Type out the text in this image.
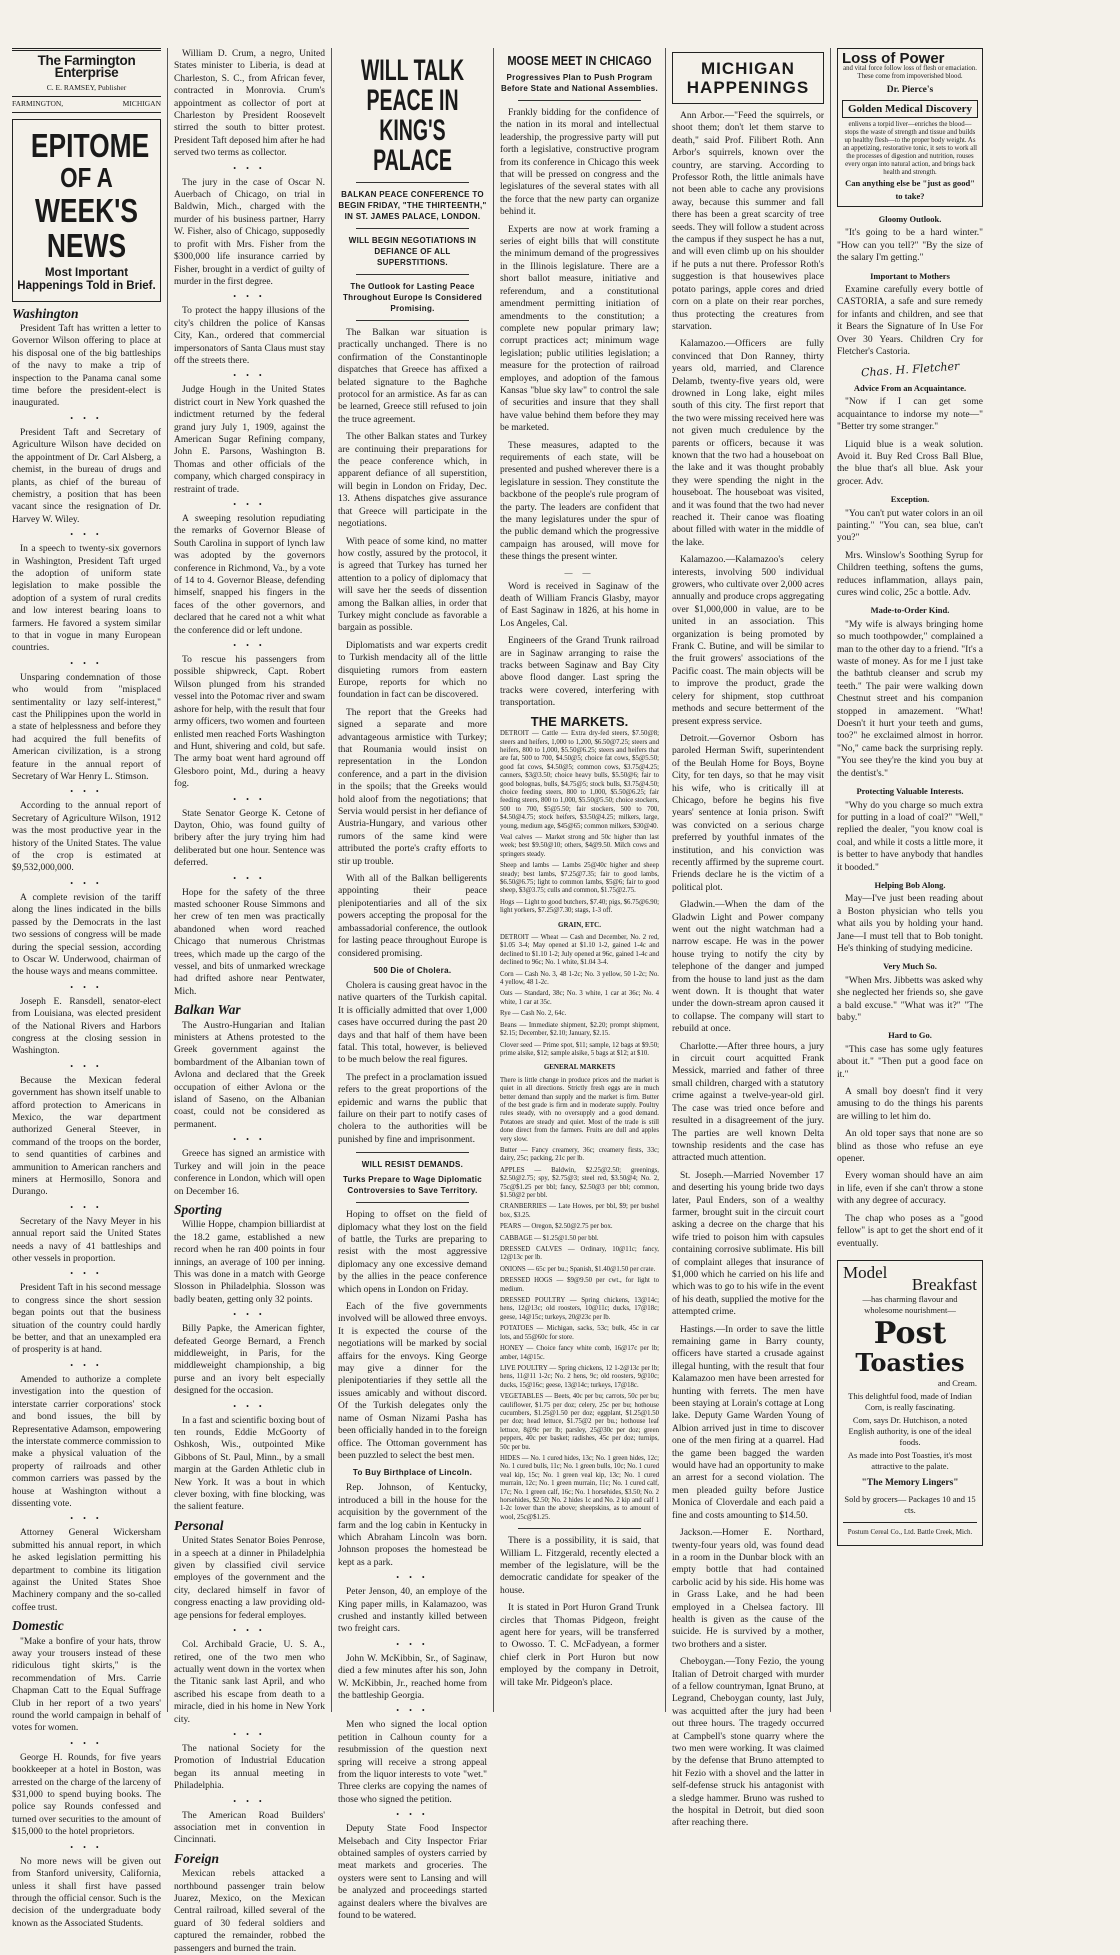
The Farmington Enterprise
C. E. RAMSEY, Publisher
FARMINGTON,	MICHIGAN
EPITOME
OF A
WEEK'S NEWS
Most Important Happenings Told in Brief.
Washington

President Taft has written a letter to Governor Wilson offering to place at his disposal one of the big battleships of the navy to make a trip of inspection to the Panama canal some time before the president-elect is inaugurated.

• • •

President Taft and Secretary of Agriculture Wilson have decided on the appointment of Dr. Carl Alsberg, a chemist, in the bureau of drugs and plants, as chief of the bureau of chemistry, a position that has been vacant since the resignation of Dr. Harvey W. Wiley.

• • •

In a speech to twenty-six governors in Washington, President Taft urged the adoption of uniform state legislation to make possible the adoption of a system of rural credits and low interest bearing loans to farmers. He favored a system similar to that in vogue in many European countries.

• • •

Unsparing condemnation of those who would from "misplaced sentimentality or lazy self-interest," cast the Philippines upon the world in a state of helplessness and before they had acquired the full benefits of American civilization, is a strong feature in the annual report of Secretary of War Henry L. Stimson.

• • •

According to the annual report of Secretary of Agriculture Wilson, 1912 was the most productive year in the history of the United States. The value of the crop is estimated at $9,532,000,000.

• • •

A complete revision of the tariff along the lines indicated in the bills passed by the Democrats in the last two sessions of congress will be made during the special session, according to Oscar W. Underwood, chairman of the house ways and means committee.

• • •

Joseph E. Ransdell, senator-elect from Louisiana, was elected president of the National Rivers and Harbors congress at the closing session in Washington.

• • •

Because the Mexican federal government has shown itself unable to afford protection to Americans in Mexico, the war department authorized General Steever, in command of the troops on the border, to send quantities of carbines and ammunition to American ranchers and miners at Hermosillo, Sonora and Durango.

• • •

Secretary of the Navy Meyer in his annual report said the United States needs a navy of 41 battleships and other vessels in proportion.

• • •

President Taft in his second message to congress since the short session began points out that the business situation of the country could hardly be better, and that an unexampled era of prosperity is at hand.

• • •

Amended to authorize a complete investigation into the question of interstate carrier corporations' stock and bond issues, the bill by Representative Adamson, empowering the interstate commerce commission to make a physical valuation of the property of railroads and other common carriers was passed by the house at Washington without a dissenting vote.

• • •

Attorney General Wickersham submitted his annual report, in which he asked legislation permitting his department to combine its litigation against the United States Shoe Machinery company and the so-called coffee trust.

Domestic

"Make a bonfire of your hats, throw away your trousers instead of these ridiculous tight skirts," is the recommendation of Mrs. Carrie Chapman Catt to the Equal Suffrage Club in her report of a two years' round the world campaign in behalf of votes for women.

• • •

George H. Rounds, for five years bookkeeper at a hotel in Boston, was arrested on the charge of the larceny of $31,000 to spend buying books. The police say Rounds confessed and turned over securities to the amount of $15,000 to the hotel proprietors.

• • •

No more news will be given out from Stanford university, California, unless it shall first have passed through the official censor. Such is the decision of the undergraduate body known as the Associated Students.

William D. Crum, a negro, United States minister to Liberia, is dead at Charleston, S. C., from African fever, contracted in Monrovia. Crum's appointment as collector of port at Charleston by President Roosevelt stirred the south to bitter protest. President Taft deposed him after he had served two terms as collector.

• • •

The jury in the case of Oscar N. Auerbach of Chicago, on trial in Baldwin, Mich., charged with the murder of his business partner, Harry W. Fisher, also of Chicago, supposedly to profit with Mrs. Fisher from the $300,000 life insurance carried by Fisher, brought in a verdict of guilty of murder in the first degree.

• • •

To protect the happy illusions of the city's children the police of Kansas City, Kan., ordered that commercial impersonators of Santa Claus must stay off the streets there.

• • •

Judge Hough in the United States district court in New York quashed the indictment returned by the federal grand jury July 1, 1909, against the American Sugar Refining company, John E. Parsons, Washington B. Thomas and other officials of the company, which charged conspiracy in restraint of trade.

• • •

A sweeping resolution repudiating the remarks of Governor Blease of South Carolina in support of lynch law was adopted by the governors conference in Richmond, Va., by a vote of 14 to 4. Governor Blease, defending himself, snapped his fingers in the faces of the other governors, and declared that he cared not a whit what the conference did or left undone.

• • •

To rescue his passengers from possible shipwreck, Capt. Robert Wilson plunged from his stranded vessel into the Potomac river and swam ashore for help, with the result that four army officers, two women and fourteen enlisted men reached Forts Washington and Hunt, shivering and cold, but safe. The army boat went hard aground off Glesboro point, Md., during a heavy fog.

• • •

State Senator George K. Cetone of Dayton, Ohio, was found guilty of bribery after the jury trying him had deliberated but one hour. Sentence was deferred.

• • •

Hope for the safety of the three masted schooner Rouse Simmons and her crew of ten men was practically abandoned when word reached Chicago that numerous Christmas trees, which made up the cargo of the vessel, and bits of unmarked wreckage had drifted ashore near Pentwater, Mich.

Balkan War

The Austro-Hungarian and Italian ministers at Athens protested to the Greek government against the bombardment of the Albanian town of Avlona and declared that the Greek occupation of either Avlona or the island of Saseno, on the Albanian coast, could not be considered as permanent.

• • •

Greece has signed an armistice with Turkey and will join in the peace conference in London, which will open on December 16.

Sporting

Willie Hoppe, champion billiardist at the 18.2 game, established a new record when he ran 400 points in four innings, an average of 100 per inning. This was done in a match with George Slosson in Philadelphia. Slosson was badly beaten, getting only 32 points.

• • •

Billy Papke, the American fighter, defeated George Bernard, a French middleweight, in Paris, for the middleweight championship, a big purse and an ivory belt especially designed for the occasion.

• • •

In a fast and scientific boxing bout of ten rounds, Eddie McGoorty of Oshkosh, Wis., outpointed Mike Gibbons of St. Paul, Minn., by a small margin at the Garden Athletic club in New York. It was a bout in which clever boxing, with fine blocking, was the salient feature.

Personal

United States Senator Boies Penrose, in a speech at a dinner in Philadelphia given by classified civil service employes of the government and the city, declared himself in favor of congress enacting a law providing old-age pensions for federal employes.

• • •

Col. Archibald Gracie, U. S. A., retired, one of the two men who actually went down in the vortex when the Titanic sank last April, and who ascribed his escape from death to a miracle, died in his home in New York city.

• • •

The national Society for the Promotion of Industrial Education began its annual meeting in Philadelphia.

• • •

The American Road Builders' association met in convention in Cincinnati.

Foreign

Mexican rebels attacked a northbound passenger train below Juarez, Mexico, on the Mexican Central railroad, killed several of the guard of 30 federal soldiers and captured the remainder, robbed the passengers and burned the train.

WILL TALK PEACE IN KING'S PALACE
BALKAN PEACE CONFERENCE TO BEGIN FRIDAY, "THE THIRTEENTH," IN ST. JAMES PALACE, LONDON.
WILL BEGIN NEGOTIATIONS IN DEFIANCE OF ALL SUPERSTITIONS.
The Outlook for Lasting Peace Throughout Europe Is Considered Promising.

The Balkan war situation is practically unchanged. There is no confirmation of the Constantinople dispatches that Greece has affixed a belated signature to the Baghche protocol for an armistice. As far as can be learned, Greece still refused to join the truce agreement.

The other Balkan states and Turkey are continuing their preparations for the peace conference which, in apparent defiance of all superstition, will begin in London on Friday, Dec. 13. Athens dispatches give assurance that Greece will participate in the negotiations.

With peace of some kind, no matter how costly, assured by the protocol, it is agreed that Turkey has turned her attention to a policy of diplomacy that will save her the seeds of dissention among the Balkan allies, in order that Turkey might conclude as favorable a bargain as possible.

Diplomatists and war experts credit to Turkish mendacity all of the little disquieting rumors from eastern Europe, reports for which no foundation in fact can be discovered.

The report that the Greeks had signed a separate and more advantageous armistice with Turkey; that Roumania would insist on representation in the London conference, and a part in the division in the spoils; that the Greeks would hold aloof from the negotiations; that Servia would persist in her defiance of Austria-Hungary, and various other rumors of the same kind were attributed the porte's crafty efforts to stir up trouble.

With all of the Balkan belligerents appointing their peace plenipotentiaries and all of the six powers accepting the proposal for the ambassadorial conference, the outlook for lasting peace throughout Europe is considered promising.

500 Die of Cholera.

Cholera is causing great havoc in the native quarters of the Turkish capital. It is officially admitted that over 1,000 cases have occurred during the past 20 days and that half of them have been fatal. This total, however, is believed to be much below the real figures.

The prefect in a proclamation issued refers to the great proportions of the epidemic and warns the public that failure on their part to notify cases of cholera to the authorities will be punished by fine and imprisonment.

WILL RESIST DEMANDS.
Turks Prepare to Wage Diplomatic Controversies to Save Territory.

Hoping to offset on the field of diplomacy what they lost on the field of battle, the Turks are preparing to resist with the most aggressive diplomacy any one excessive demand by the allies in the peace conference which opens in London on Friday.

Each of the five governments involved will be allowed three envoys. It is expected the course of the negotiations will be marked by social affairs for the envoys. King George may give a dinner for the plenipotentiaries if they settle all the issues amicably and without discord. Of the Turkish delegates only the name of Osman Nizami Pasha has been officially handed in to the foreign office. The Ottoman government has been puzzled to select the best men.

To Buy Birthplace of Lincoln.

Rep. Johnson, of Kentucky, introduced a bill in the house for the acquisition by the government of the farm and the log cabin in Kentucky in which Abraham Lincoln was born. Johnson proposes the homestead be kept as a park.

• • •

Peter Jenson, 40, an employe of the King paper mills, in Kalamazoo, was crushed and instantly killed between two freight cars.

• • •

John W. McKibbin, Sr., of Saginaw, died a few minutes after his son, John W. McKibbin, Jr., reached home from the battleship Georgia.

• • •

Men who signed the local option petition in Calhoun county for a resubmission of the question next spring will receive a strong appeal from the liquor interests to vote "wet." Three clerks are copying the names of those who signed the petition.

• • •

Deputy State Food Inspector Melsebach and City Inspector Friar obtained samples of oysters carried by meat markets and groceries. The oysters were sent to Lansing and will be analyzed and proceedings started against dealers where the bivalves are found to be watered.

MOOSE MEET IN CHICAGO
Progressives Plan to Push Program Before State and National Assemblies.

Frankly bidding for the confidence of the nation in its moral and intellectual leadership, the progressive party will put forth a legislative, constructive program from its conference in Chicago this week that will be pressed on congress and the legislatures of the several states with all the force that the new party can organize behind it.

Experts are now at work framing a series of eight bills that will constitute the minimum demand of the progressives in the Illinois legislature. There are a short ballot measure, initiative and referendum, and a constitutional amendment permitting initiation of amendments to the constitution; a complete new popular primary law; corrupt practices act; minimum wage legislation; public utilities legislation; a measure for the protection of railroad employes, and adoption of the famous Kansas "blue sky law" to control the sale of securities and insure that they shall have value behind them before they may be marketed.

These measures, adapted to the requirements of each state, will be presented and pushed wherever there is a legislature in session. They constitute the backbone of the people's rule program of the party. The leaders are confident that the many legislatures under the spur of the public demand which the progressive campaign has aroused, will move for these things the present winter.

— —

Word is received in Saginaw of the death of William Francis Glasby, mayor of East Saginaw in 1826, at his home in Los Angeles, Cal.

Engineers of the Grand Trunk railroad are in Saginaw arranging to raise the tracks between Saginaw and Bay City above flood danger. Last spring the tracks were covered, interfering with transportation.

THE MARKETS.
DETROIT — Cattle — Extra dry-fed steers, $7.50@8; steers and heifers, 1,000 to 1,200, $6.50@7.25; steers and heifers, 800 to 1,000, $5.50@6.25; steers and heifers that are fat, 500 to 700, $4.50@5; choice fat cows, $5@5.50; good fat cows, $4.50@5; common cows, $3.75@4.25; canners, $3@3.50; choice heavy bulls, $5.50@6; fair to good bolognas, bulls, $4.75@5; stock bulls, $3.75@4.50; choice feeding steers, 800 to 1,000, $5.50@6.25; fair feeding steers, 800 to 1,000, $5.50@5.50; choice stockers, 500 to 700, $5@5.50; fair stockers, 500 to 700, $4.50@4.75; stock heifers, $3.50@4.25; milkers, large, young, medium age, $45@65; common milkers, $30@40.
Veal calves — Market strong and 50c higher than last week; best $9.50@10; others, $4@9.50. Milch cows and springers steady.
Sheep and lambs — Lambs 25@40c higher and sheep steady; best lambs, $7.25@7.35; fair to good lambs, $6.50@6.75; light to common lambs, $5@6; fair to good sheep, $3@3.75; culls and common, $1.75@2.75.
Hogs — Light to good butchers, $7.40; pigs, $6.75@6.90; light yorkers, $7.25@7.30; stags, 1-3 off.
GRAIN, ETC.
DETROIT — Wheat — Cash and December, No. 2 red, $1.05 3-4; May opened at $1.10 1-2, gained 1-4c and declined to $1.10 1-2; July opened at 96c, gained 1-4c and declined to 96c; No. 1 white, $1.04 3-4.
Corn — Cash No. 3, 48 1-2c; No. 3 yellow, 50 1-2c; No. 4 yellow, 48 1-2c.
Oats — Standard, 38c; No. 3 white, 1 car at 36c; No. 4 white, 1 car at 35c.
Rye — Cash No. 2, 64c.
Beans — Immediate shipment, $2.20; prompt shipment, $2.15; December, $2.10; January, $2.15.
Clover seed — Prime spot, $11; sample, 12 bags at $9.50; prime alsike, $12; sample alsike, 5 bags at $12; at $10.
GENERAL MARKETS
There is little change in produce prices and the market is quiet in all directions. Strictly fresh eggs are in much better demand than supply and the market is firm. Butter of the best grade is firm and in moderate supply. Poultry rules steady, with no oversupply and a good demand. Potatoes are steady and quiet. Most of the trade is still done direct from the farmers. Fruits are dull and apples very slow.
Butter — Fancy creamery, 36c; creamery firsts, 33c; dairy, 25c; packing, 21c per lb.
APPLES — Baldwin, $2.25@2.50; greenings, $2.50@2.75; spy, $2.75@3; steel red, $3.50@4; No. 2, 75c@$1.25 per bbl; fancy, $2.50@3 per bbl; common, $1.50@2 per bbl.
CRANBERRIES — Late Howes, per bbl, $9; per bushel box, $3.25.
PEARS — Oregon, $2.50@2.75 per box.
CABBAGE — $1.25@1.50 per bbl.
DRESSED CALVES — Ordinary, 10@11c; fancy, 12@13c per lb.
ONIONS — 65c per bu.; Spanish, $1.40@1.50 per crate.
DRESSED HOGS — $9@9.50 per cwt., for light to medium.
DRESSED POULTRY — Spring chickens, 13@14c; hens, 12@13c; old roosters, 10@11c; ducks, 17@18c; geese, 14@15c; turkeys, 20@23c per lb.
POTATOES — Michigan, sacks, 53c; bulk, 45c in car lots, and 55@60c for store.
HONEY — Choice fancy white comb, 16@17c per lb; amber, 14@15c.
LIVE POULTRY — Spring chickens, 12 1-2@13c per lb; hens, 11@11 1-2c; No. 2 hens, 9c; old roosters, 9@10c; ducks, 15@16c; geese, 13@14c; turkeys, 17@18c.
VEGETABLES — Beets, 40c per bu; carrots, 50c per bu; cauliflower, $1.75 per doz; celery, 25c per bu; hothouse cucumbers, $1.25@1.50 per doz; eggplant, $1.25@1.50 per doz; head lettuce, $1.75@2 per bu.; hothouse leaf lettuce, 8@9c per lb; parsley, 25@30c per doz; green peppers, 40c per basket; radishes, 45c per doz; turnips, 50c per bu.
HIDES — No. 1 cured hides, 13c; No. 1 green hides, 12c; No. 1 cured bulls, 11c; No. 1 green bulls, 10c; No. 1 cured veal kip, 15c; No. 1 green veal kip, 13c; No. 1 cured murrain, 12c; No. 1 green murrain, 11c; No. 1 cured calf, 17c; No. 1 green calf, 16c; No. 1 horsehides, $3.50; No. 2 horsehides, $2.50; No. 2 hides 1c and No. 2 kip and calf 1 1-2c lower than the above; sheepskins, as to amount of wool, 25c@$1.25.

There is a possibility, it is said, that William L. Fitzgerald, recently elected a member of the legislature, will be the democratic candidate for speaker of the house.

It is stated in Port Huron Grand Trunk circles that Thomas Pidgeon, freight agent here for years, will be transferred to Owosso. T. C. McFadyean, a former chief clerk in Port Huron but now employed by the company in Detroit, will take Mr. Pidgeon's place.

MICHIGAN HAPPENINGS

Ann Arbor.—"Feed the squirrels, or shoot them; don't let them starve to death," said Prof. Filibert Roth. Ann Arbor's squirrels, known over the country, are starving. According to Professor Roth, the little animals have not been able to cache any provisions away, because this summer and fall there has been a great scarcity of tree seeds. They will follow a student across the campus if they suspect he has a nut, and will even climb up on his shoulder if he puts a nut there. Professor Roth's suggestion is that housewives place potato parings, apple cores and dried corn on a plate on their rear porches, thus protecting the creatures from starvation.

Kalamazoo.—Officers are fully convinced that Don Ranney, thirty years old, married, and Clarence Delamb, twenty-five years old, were drowned in Long lake, eight miles south of this city. The first report that the two were missing received here was not given much credulence by the parents or officers, because it was known that the two had a houseboat on the lake and it was thought probably they were spending the night in the houseboat. The houseboat was visited, and it was found that the two had never reached it. Their canoe was floating about filled with water in the middle of the lake.

Kalamazoo.—Kalamazoo's celery interests, involving 500 individual growers, who cultivate over 2,000 acres annually and produce crops aggregating over $1,000,000 in value, are to be united in an association. This organization is being promoted by Frank C. Butine, and will be similar to the fruit growers' associations of the Pacific coast. The main objects will be to improve the product, grade the celery for shipment, stop cutthroat methods and secure betterment of the present express service.

Detroit.—Governor Osborn has paroled Herman Swift, superintendent of the Beulah Home for Boys, Boyne City, for ten days, so that he may visit his wife, who is critically ill at Chicago, before he begins his five years' sentence at Ionia prison. Swift was convicted on a serious charge preferred by youthful inmates of the institution, and his conviction was recently affirmed by the supreme court. Friends declare he is the victim of a political plot.

Gladwin.—When the dam of the Gladwin Light and Power company went out the night watchman had a narrow escape. He was in the power house trying to notify the city by telephone of the danger and jumped from the house to land just as the dam went down. It is thought that water under the down-stream apron caused it to collapse. The company will start to rebuild at once.

Charlotte.—After three hours, a jury in circuit court acquitted Frank Messick, married and father of three small children, charged with a statutory crime against a twelve-year-old girl. The case was tried once before and resulted in a disagreement of the jury. The parties are well known Delta township residents and the case has attracted much attention.

St. Joseph.—Married November 17 and deserting his young bride two days later, Paul Enders, son of a wealthy farmer, brought suit in the circuit court asking a decree on the charge that his wife tried to poison him with capsules containing corrosive sublimate. His bill of complaint alleges that insurance of $1,000 which he carried on his life and which was to go to his wife in the event of his death, supplied the motive for the attempted crime.

Hastings.—In order to save the little remaining game in Barry county, officers have started a crusade against illegal hunting, with the result that four Kalamazoo men have been arrested for hunting with ferrets. The men have been staying at Lorain's cottage at Long lake. Deputy Game Warden Young of Albion arrived just in time to discover one of the men firing at a quarrel. Had the game been bagged the warden would have had an opportunity to make an arrest for a second violation. The men pleaded guilty before Justice Monica of Cloverdale and each paid a fine and costs amounting to $14.50.

Jackson.—Homer E. Northard, twenty-four years old, was found dead in a room in the Dunbar block with an empty bottle that had contained carbolic acid by his side. His home was in Grass Lake, and he had been employed in a Chelsea factory. Ill health is given as the cause of the suicide. He is survived by a mother, two brothers and a sister.

Cheboygan.—Tony Fezio, the young Italian of Detroit charged with murder of a fellow countryman, Ignat Bruno, at Legrand, Cheboygan county, last July, was acquitted after the jury had been out three hours. The tragedy occurred at Campbell's stone quarry where the two men were working. It was claimed by the defense that Bruno attempted to hit Fezio with a shovel and the latter in self-defense struck his antagonist with a sledge hammer. Bruno was rushed to the hospital in Detroit, but died soon after reaching there.

Loss of Power
and vital force follow loss of flesh or emaciation. These come from impoverished blood.
Dr. Pierce's
Golden Medical Discovery
enlivens a torpid liver—enriches the blood—stops the waste of strength and tissue and builds up healthy flesh—to the proper body weight. As an appetizing, restorative tonic, it sets to work all the processes of digestion and nutrition, rouses every organ into natural action, and brings back health and strength.
Can anything else be "just as good" to take?
Gloomy Outlook.

"It's going to be a hard winter." "How can you tell?" "By the size of the salary I'm getting."

Important to Mothers

Examine carefully every bottle of CASTORIA, a safe and sure remedy for infants and children, and see that it Bears the Signature of In Use For Over 30 Years. Children Cry for Fletcher's Castoria.

Chas. H. Fletcher
Advice From an Acquaintance.

"Now if I can get some acquaintance to indorse my note—" "Better try some stranger."

Liquid blue is a weak solution. Avoid it. Buy Red Cross Ball Blue, the blue that's all blue. Ask your grocer. Adv.

Exception.

"You can't put water colors in an oil painting." "You can, sea blue, can't you?"

Mrs. Winslow's Soothing Syrup for Children teething, softens the gums, reduces inflammation, allays pain, cures wind colic, 25c a bottle. Adv.

Made-to-Order Kind.

"My wife is always bringing home so much toothpowder," complained a man to the other day to a friend. "It's a waste of money. As for me I just take the bathtub cleanser and scrub my teeth." The pair were walking down Chestnut street and his companion stopped in amazement. "What! Doesn't it hurt your teeth and gums, too?" he exclaimed almost in horror. "No," came back the surprising reply. "You see they're the kind you buy at the dentist's."

Protecting Valuable Interests.

"Why do you charge so much extra for putting in a load of coal?" "Well," replied the dealer, "you know coal is coal, and while it costs a little more, it is better to have anybody that handles it booded."

Helping Bob Along.

May—I've just been reading about a Boston physician who tells you what ails you by holding your hand. Jane—I must tell that to Bob tonight. He's thinking of studying medicine.

Very Much So.

"When Mrs. Jibbetts was asked why she neglected her friends so, she gave a bald excuse." "What was it?" "The baby."

Hard to Go.

"This case has some ugly features about it." "Then put a good face on it."

A small boy doesn't find it very amusing to do the things his parents are willing to let him do.

An old toper says that none are so blind as those who refuse an eye opener.

Every woman should have an aim in life, even if she can't throw a stone with any degree of accuracy.

The chap who poses as a "good fellow" is apt to get the short end of it eventually.

Model
Breakfast
—has charming flavour and wholesome nourishment—
Post
Toasties
and Cream.
This delightful food, made of Indian Corn, is really fascinating.
Com, says Dr. Hutchison, a noted English authority, is one of the ideal foods.
As made into Post Toasties, it's most attractive to the palate.
"The Memory Lingers"
Sold by grocers— Packages 10 and 15 cts.
Postum Cereal Co., Ltd. Battle Creek, Mich.
